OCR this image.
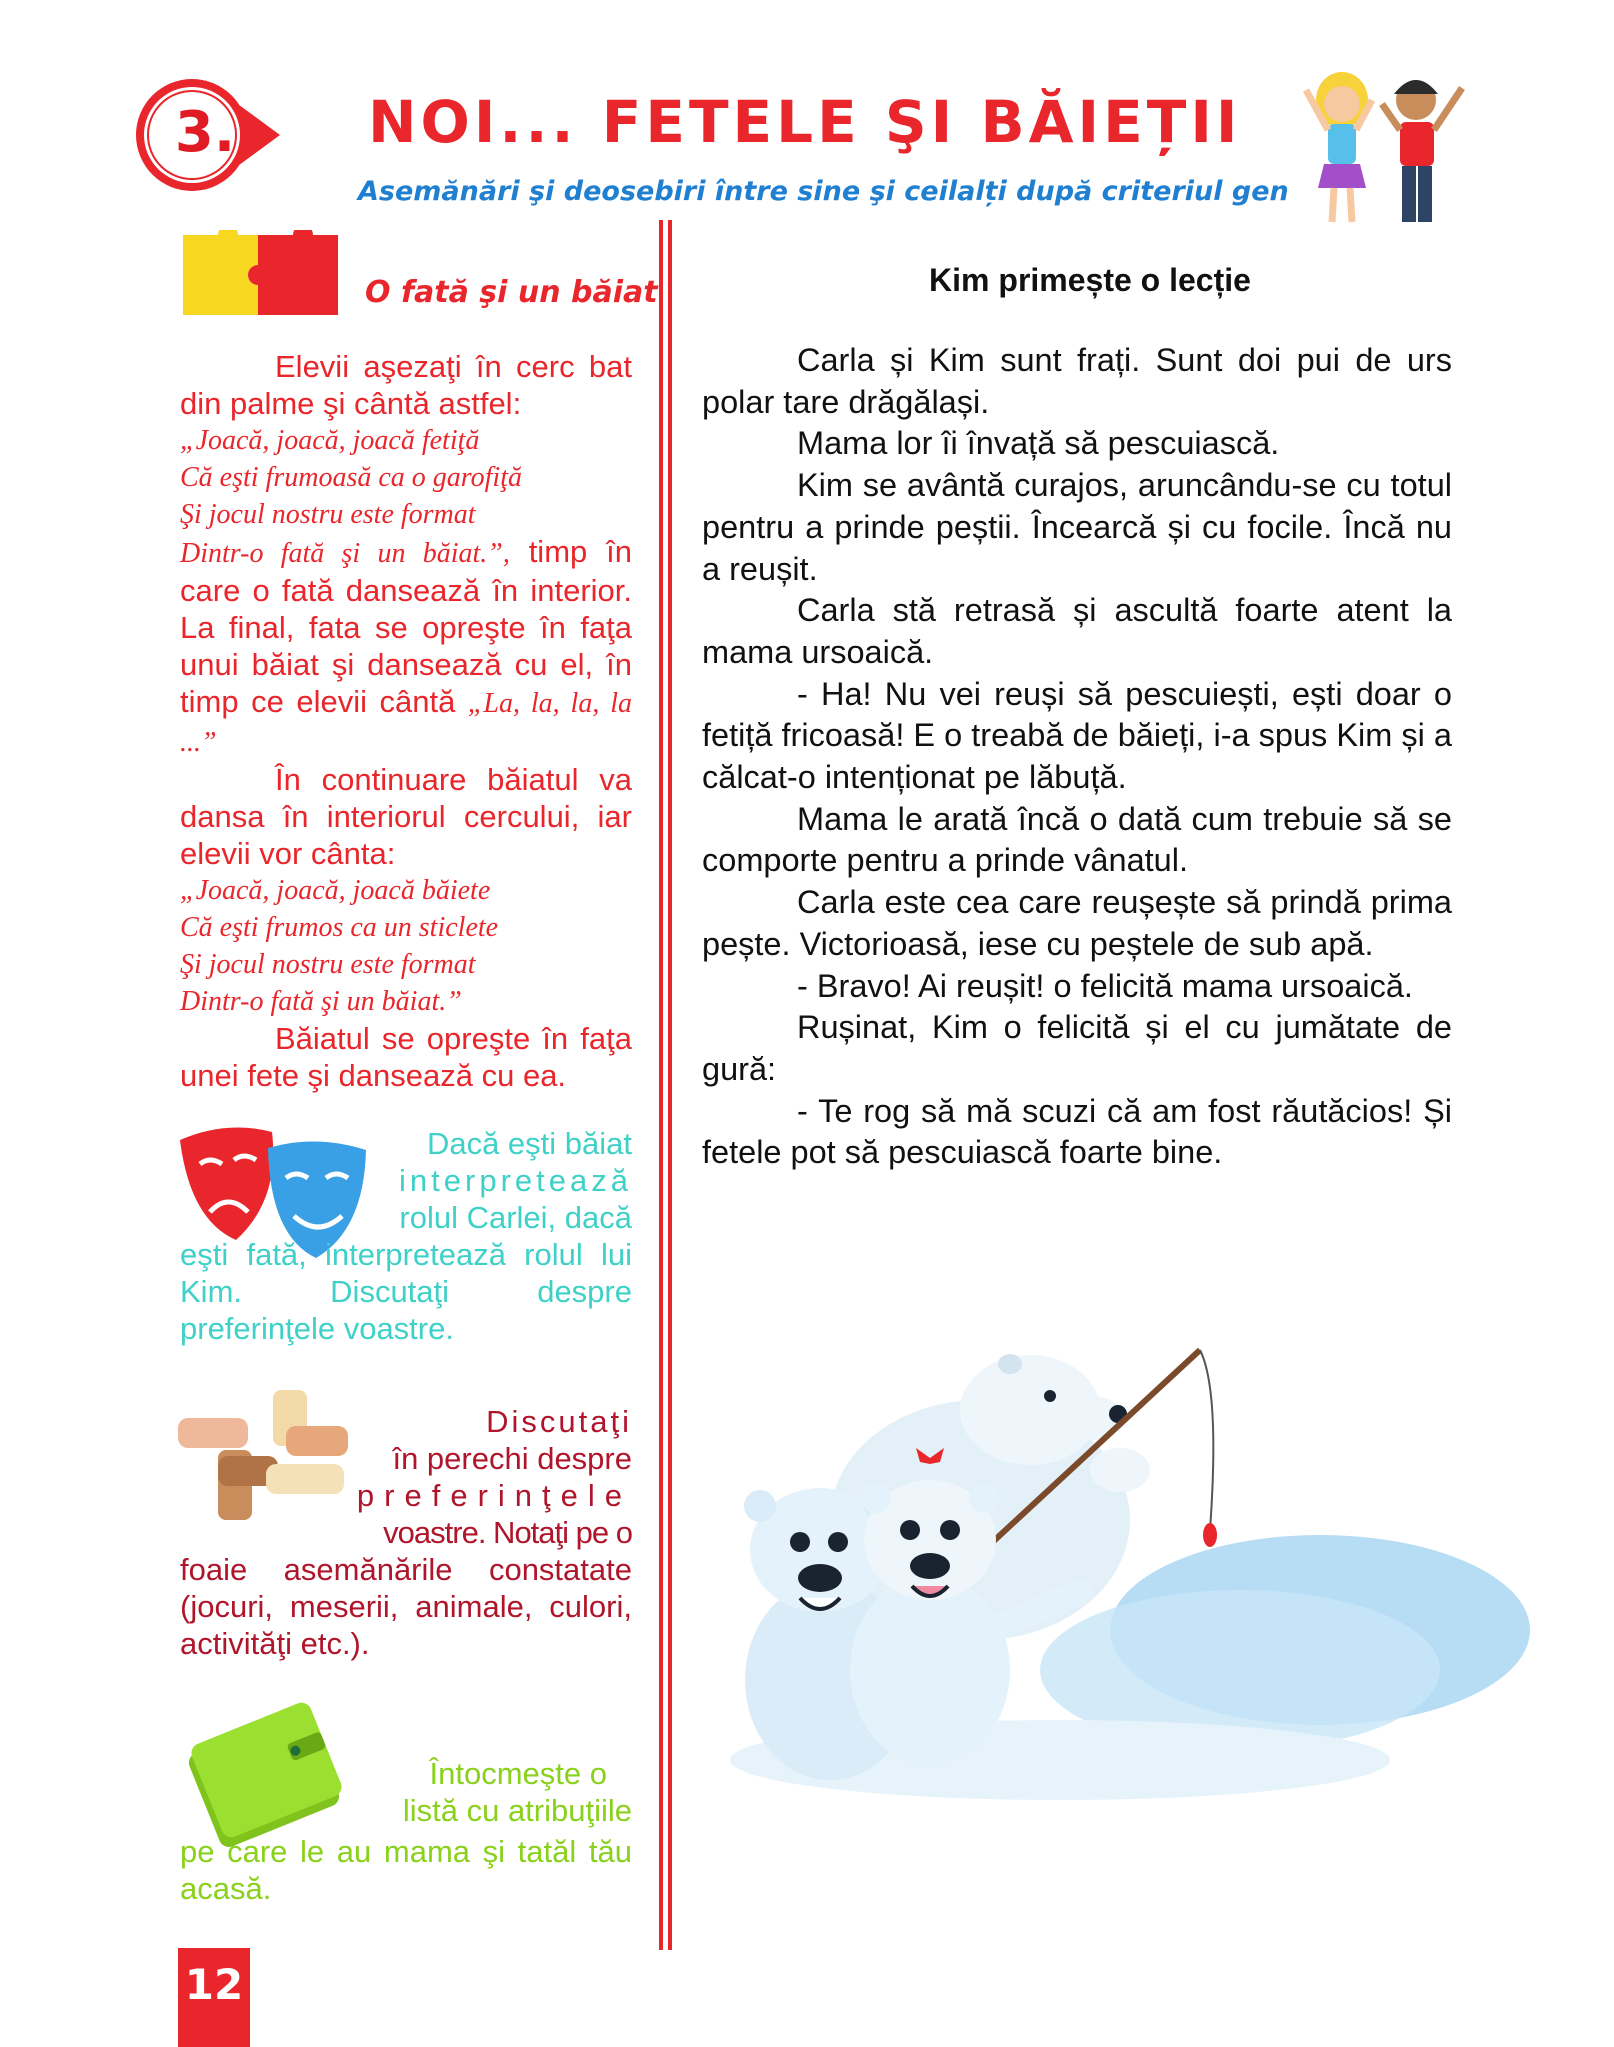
3. NOI... FETELE ŞI BĂIEȚII
Asemănări şi deosebiri între sine şi ceilalți după criteriul gen
O fată şi un băiat
Elevii aşezaţi în cerc bat din palme şi cântă astfel:
„Joacă, joacă, joacă fetiţă
Că eşti frumoasă ca o garofiţă
Şi jocul nostru este format
Dintr-o fată şi un băiat.”, timp în care o fată dansează în interior. La final, fata se opreşte în faţa unui băiat şi dansează cu el, în timp ce elevii cântă „La, la, la, la ...”
În continuare băiatul va dansa în interiorul cercului, iar elevii vor cânta:
„Joacă, joacă, joacă băiete
Că eşti frumos ca un sticlete
Şi jocul nostru este format
Dintr-o fată şi un băiat.”
Băiatul se opreşte în faţa unei fete şi dansează cu ea.
Dacă eşti băiat
interpretează
rolul Carlei, dacă
eşti fată, interpretează rolul lui Kim. Discutaţi despre preferinţele voastre.
Discutaţi
în perechi despre
preferinţele
voastre. Notaţi pe o
foaie asemănările constatate (jocuri, meserii, animale, culori, activităţi etc.).
Întocmeşte o
listă cu atribuţiile
pe care le au mama şi tatăl tău acasă.
Kim primește o lecție

Carla și Kim sunt frați. Sunt doi pui de urs polar tare drăgălași.

Mama lor îi învață să pescuiască.

Kim se avântă curajos, aruncându-se cu totul pentru a prinde peștii. Încearcă și cu focile. Încă nu a reușit.

Carla stă retrasă și ascultă foarte atent la mama ursoaică.

- Ha! Nu vei reuși să pescuiești, ești doar o fetiță fricoasă! E o treabă de băieți, i-a spus Kim și a călcat-o intenționat pe lăbuță.

Mama le arată încă o dată cum trebuie să se comporte pentru a prinde vânatul.

Carla este cea care reușește să prindă prima pește. Victorioasă, iese cu peștele de sub apă.

- Bravo! Ai reușit! o felicită mama ursoaică.

Rușinat, Kim o felicită și el cu jumătate de gură:

- Te rog să mă scuzi că am fost răutăcios! Și fetele pot să pescuiască foarte bine.

12
